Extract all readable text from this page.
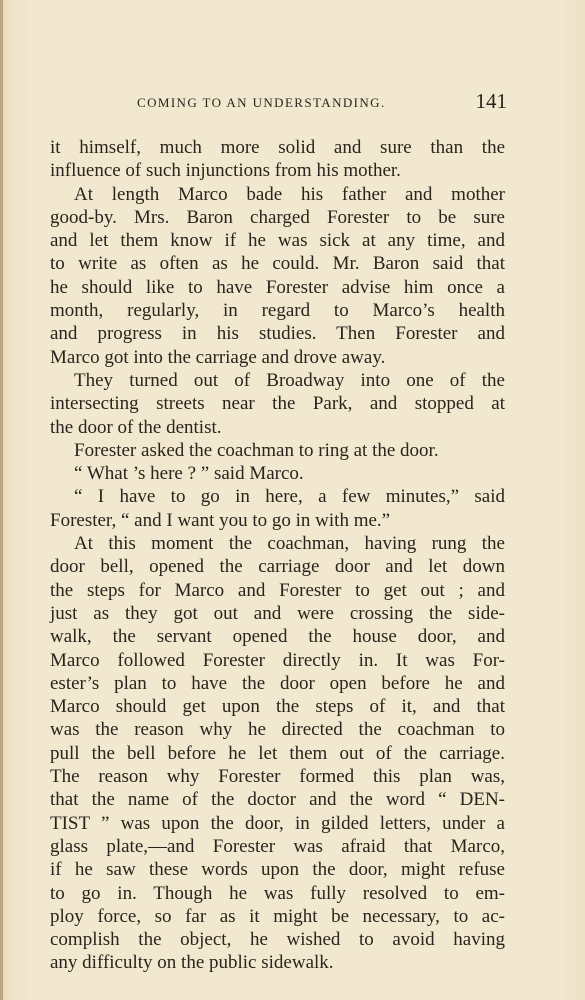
COMING TO AN UNDERSTANDING.	141
it himself, much more solid and sure than the
influence of such injunctions from his mother.
At length Marco bade his father and mother
good-by. Mrs. Baron charged Forester to be sure
and let them know if he was sick at any time, and
to write as often as he could. Mr. Baron said that
he should like to have Forester advise him once a
month, regularly, in regard to Marco’s health
and progress in his studies. Then Forester and
Marco got into the carriage and drove away.
They turned out of Broadway into one of the
intersecting streets near the Park, and stopped at
the door of the dentist.
Forester asked the coachman to ring at the door.
“ What ’s here ? ” said Marco.
“ I have to go in here, a few minutes,” said
Forester, “ and I want you to go in with me.”
At this moment the coachman, having rung the
door bell, opened the carriage door and let down
the steps for Marco and Forester to get out ; and
just as they got out and were crossing the side-
walk, the servant opened the house door, and
Marco followed Forester directly in. It was For-
ester’s plan to have the door open before he and
Marco should get upon the steps of it, and that
was the reason why he directed the coachman to
pull the bell before he let them out of the carriage.
The reason why Forester formed this plan was,
that the name of the doctor and the word “ DEN-
TIST ” was upon the door, in gilded letters, under a
glass plate,—and Forester was afraid that Marco,
if he saw these words upon the door, might refuse
to go in. Though he was fully resolved to em-
ploy force, so far as it might be necessary, to ac-
complish the object, he wished to avoid having
any difficulty on the public sidewalk.
